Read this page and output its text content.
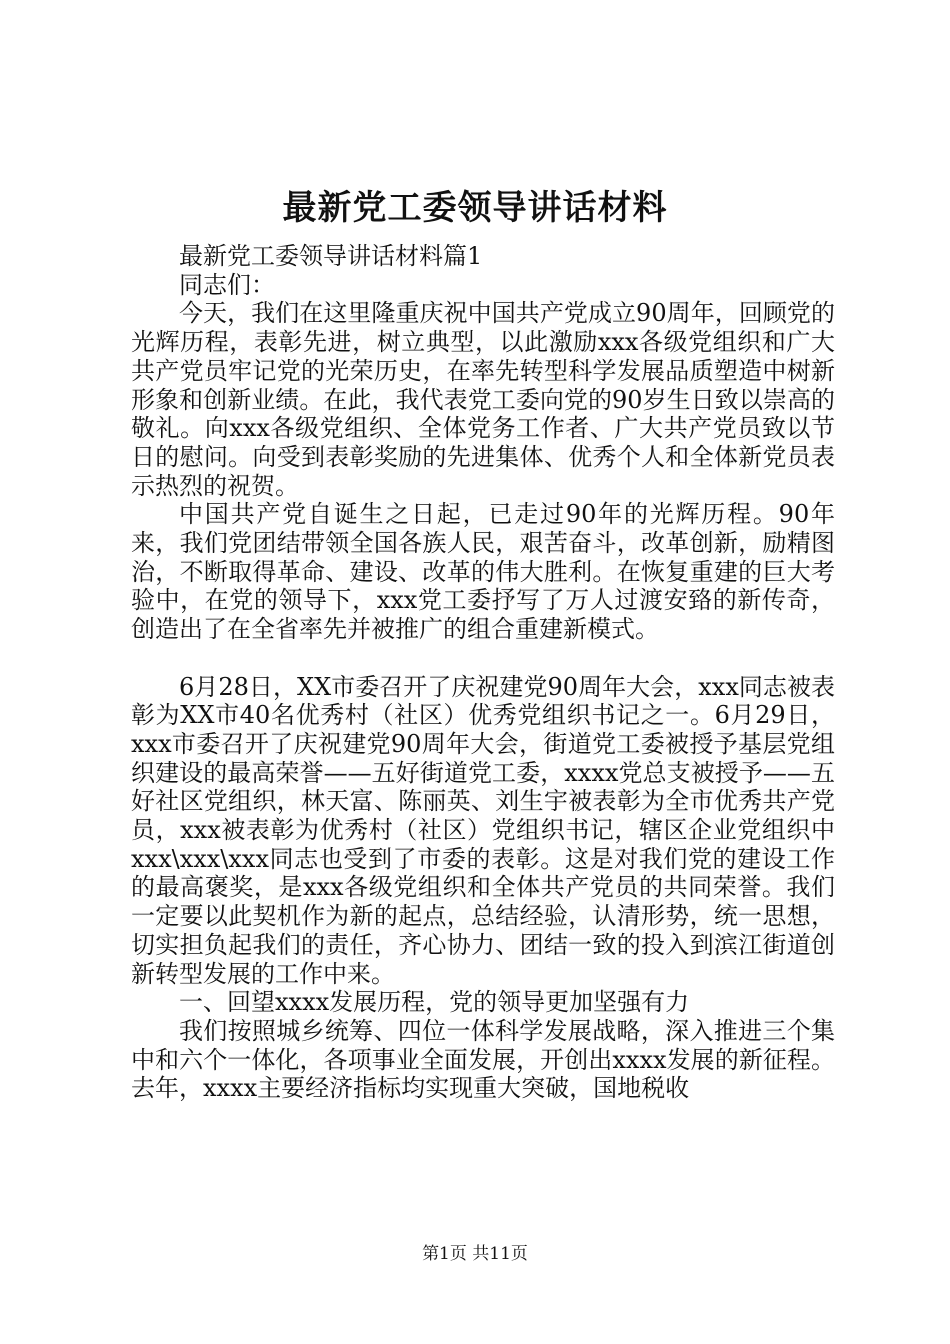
最新党工委领导讲话材料

最新党工委领导讲话材料篇1

同志们：

今天，我们在这里隆重庆祝中国共产党成立90周年，回顾党的光辉历程，表彰先进，树立典型，以此激励xxx各级党组织和广大共产党员牢记党的光荣历史，在率先转型科学发展品质塑造中树新形象和创新业绩。在此，我代表党工委向党的90岁生日致以崇高的敬礼。向xxx各级党组织、全体党务工作者、广大共产党员致以节日的慰问。向受到表彰奖励的先进集体、优秀个人和全体新党员表示热烈的祝贺。

中国共产党自诞生之日起，已走过90年的光辉历程。90年来，我们党团结带领全国各族人民，艰苦奋斗，改革创新，励精图治，不断取得革命、建设、改革的伟大胜利。在恢复重建的巨大考验中，在党的领导下，xxx党工委抒写了万人过渡安臵的新传奇，创造出了在全省率先并被推广的组合重建新模式。

6月28日，XX市委召开了庆祝建党90周年大会，xxx同志被表彰为XX市40名优秀村（社区）优秀党组织书记之一。6月29日，xxx市委召开了庆祝建党90周年大会，街道党工委被授予基层党组织建设的最高荣誉——五好街道党工委，xxxx党总支被授予——五好社区党组织，林天富、陈丽英、刘生宇被表彰为全市优秀共产党员，xxx被表彰为优秀村（社区）党组织书记，辖区企业党组织中xxx\xxx\xxx同志也受到了市委的表彰。这是对我们党的建设工作的最高褒奖，是xxx各级党组织和全体共产党员的共同荣誉。我们一定要以此契机作为新的起点，总结经验，认清形势，统一思想，切实担负起我们的责任，齐心协力、团结一致的投入到滨江街道创新转型发展的工作中来。

一、回望xxxx发展历程，党的领导更加坚强有力

我们按照城乡统筹、四位一体科学发展战略，深入推进三个集中和六个一体化，各项事业全面发展，开创出xxxx发展的新征程。去年，xxxx主要经济指标均实现重大突破，国地税收

第1页 共11页
